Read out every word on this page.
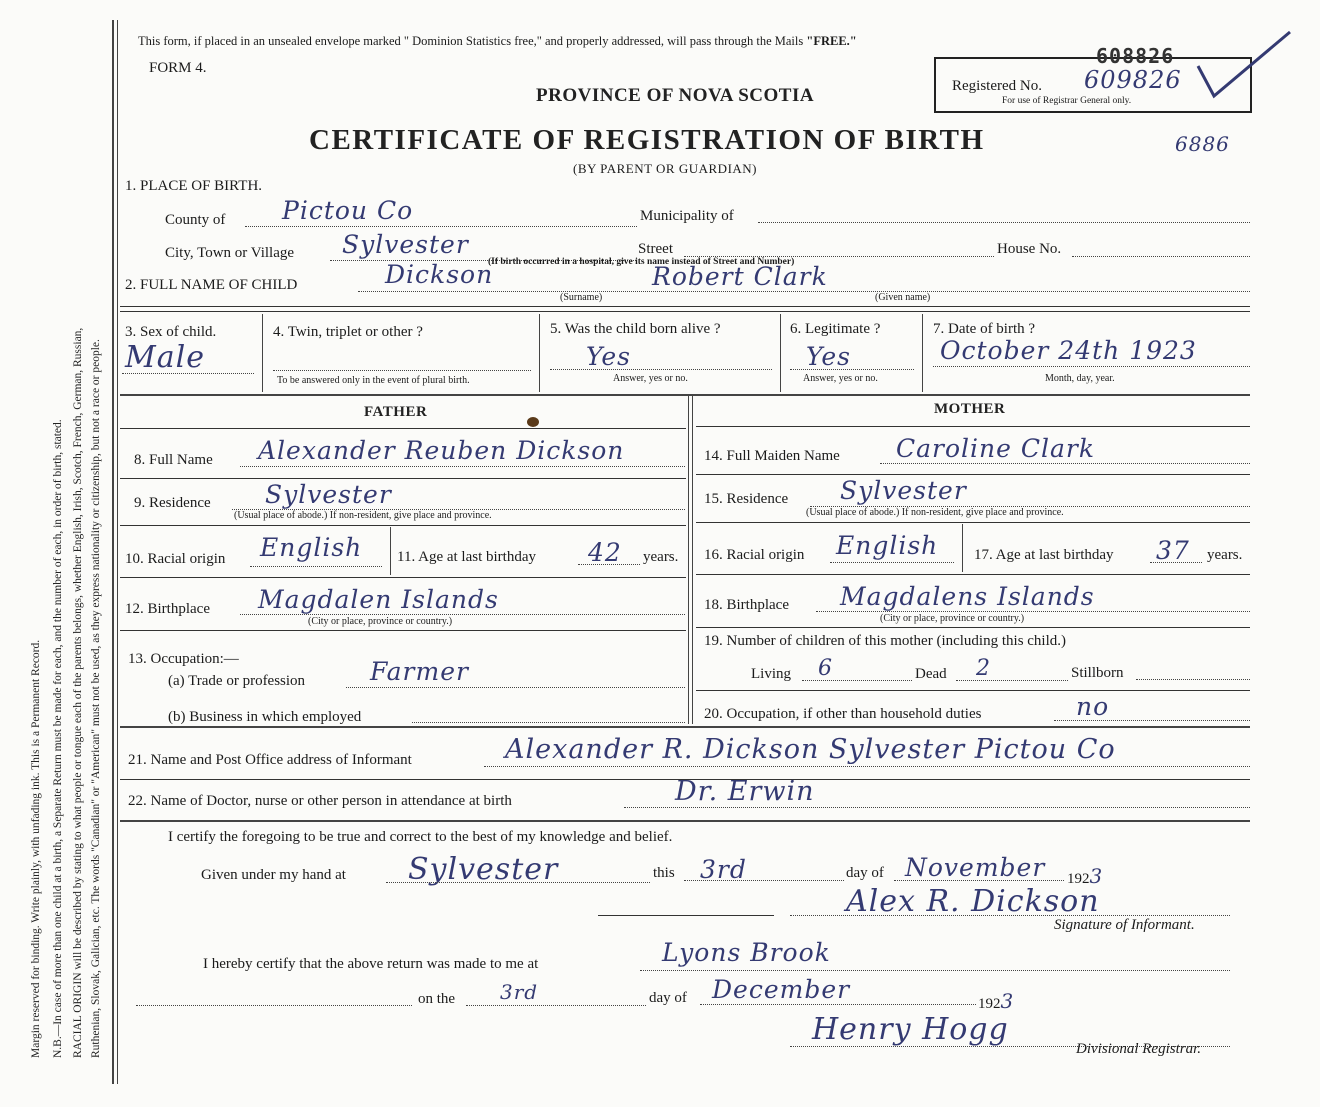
Margin reserved for binding. Write plainly, with unfading ink. This is a Permanent Record. N.B.—In case of more than one child at a birth, a Separate Return must be made for each, and the number of each, in order of birth, stated. RACIAL ORIGIN will be described by stating to what people or tongue each of the parents belongs, whether English, Irish, Scotch, French, German, Russian, Ruthenian, Slovak, Galician, etc. The words "Canadian" or "American" must not be used, as they express nationality or citizenship, but not a race or people.
This form, if placed in an unsealed envelope marked " Dominion Statistics free," and properly addressed, will pass through the Mails "FREE."
FORM 4.
PROVINCE OF NOVA SCOTIA
CERTIFICATE OF REGISTRATION OF BIRTH
(BY PARENT OR GUARDIAN)
Registered No. 609826
608826
For use of Registrar General only.
6886
1. PLACE OF BIRTH.
County of Pictou Co	Municipality of
City, Town or Village Sylvester	Street	House No.
(If birth occurred in a hospital, give its name instead of Street and Number)
2. FULL NAME OF CHILD	Dickson	Robert Clark
(Surname)	(Given name)
3. Sex of child.
Male
4. Twin, triplet or other ?
To be answered only in the event of plural birth.
5. Was the child born alive ?
Yes
Answer, yes or no.
6. Legitimate ?
Yes
Answer, yes or no.
7. Date of birth ?
October 24th 1923
Month, day, year.
FATHER	MOTHER
8. Full Name Alexander Reuben Dickson	14. Full Maiden Name Caroline Clark
9. Residence Sylvester
(Usual place of abode.) If non-resident, give place and province.
15. Residence Sylvester
(Usual place of abode.) If non-resident, give place and province.
10. Racial origin English 11. Age at last birthday 42 years. 16. Racial origin English 17. Age at last birthday 37 years.
12. Birthplace Magdalen Islands
(City or place, province or country.)
18. Birthplace Magdalens Islands
(City or place, province or country.)
13. Occupation:—
(a) Trade or profession	Farmer
(b) Business in which employed
19. Number of children of this mother (including this child.)
Living 6	Dead 2	Stillborn
20. Occupation, if other than household duties	no
21. Name and Post Office address of Informant	Alexander R. Dickson Sylvester Pictou Co
22. Name of Doctor, nurse or other person in attendance at birth	Dr. Erwin
I certify the foregoing to be true and correct to the best of my knowledge and belief.
Given under my hand at Sylvester	this 3rd	day of November 1923
Alex R. Dickson
Signature of Informant.
I hereby certify that the above return was made to me at	Lyons Brook
on the 3rd	day of December	1923
Henry Hogg
Divisional Registrar.
